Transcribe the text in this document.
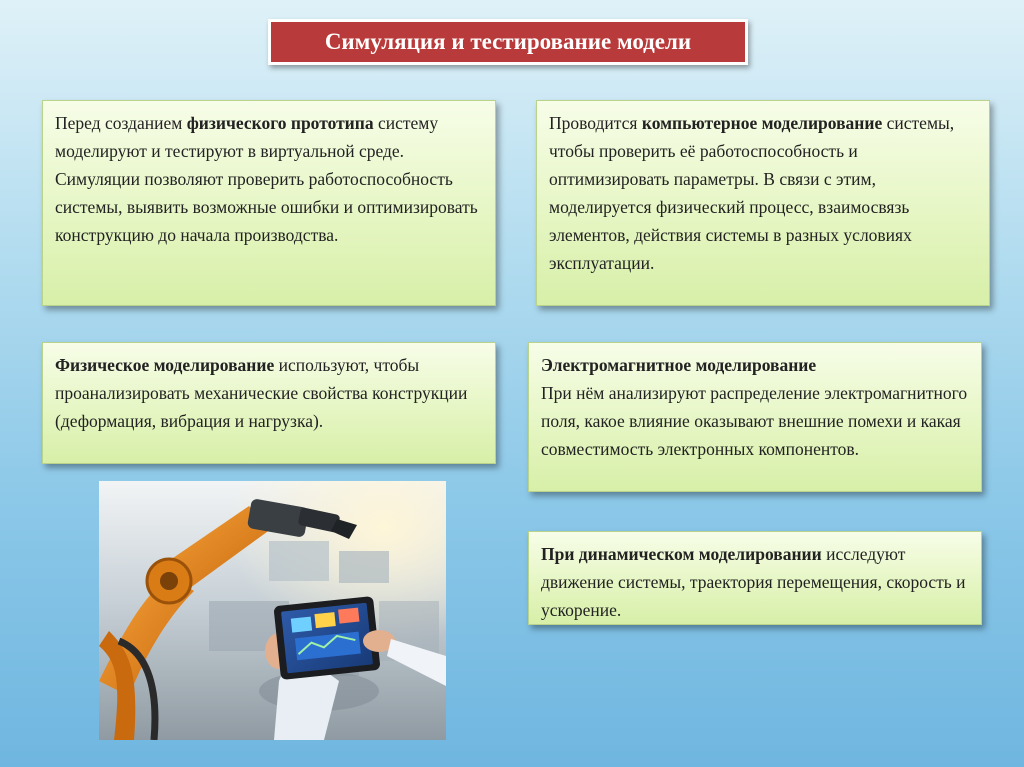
Симуляция и тестирование модели
Перед созданием физического прототипа систему моделируют и тестируют в виртуальной среде. Симуляции позволяют проверить работоспособность системы, выявить возможные ошибки и оптимизировать конструкцию до начала производства.
Проводится компьютерное моделирование системы, чтобы проверить её работоспособность и оптимизировать параметры. В связи с этим, моделируется физический процесс, взаимосвязь элементов, действия системы в разных условиях эксплуатации.
Физическое моделирование используют, чтобы проанализировать механические свойства конструкции (деформация, вибрация и нагрузка).
Электромагнитное моделирование
При нём анализируют распределение электромагнитного поля, какое влияние оказывают внешние помехи и какая совместимость электронных компонентов.
При динамическом моделировании исследуют движение системы, траектория перемещения, скорость и ускорение.
